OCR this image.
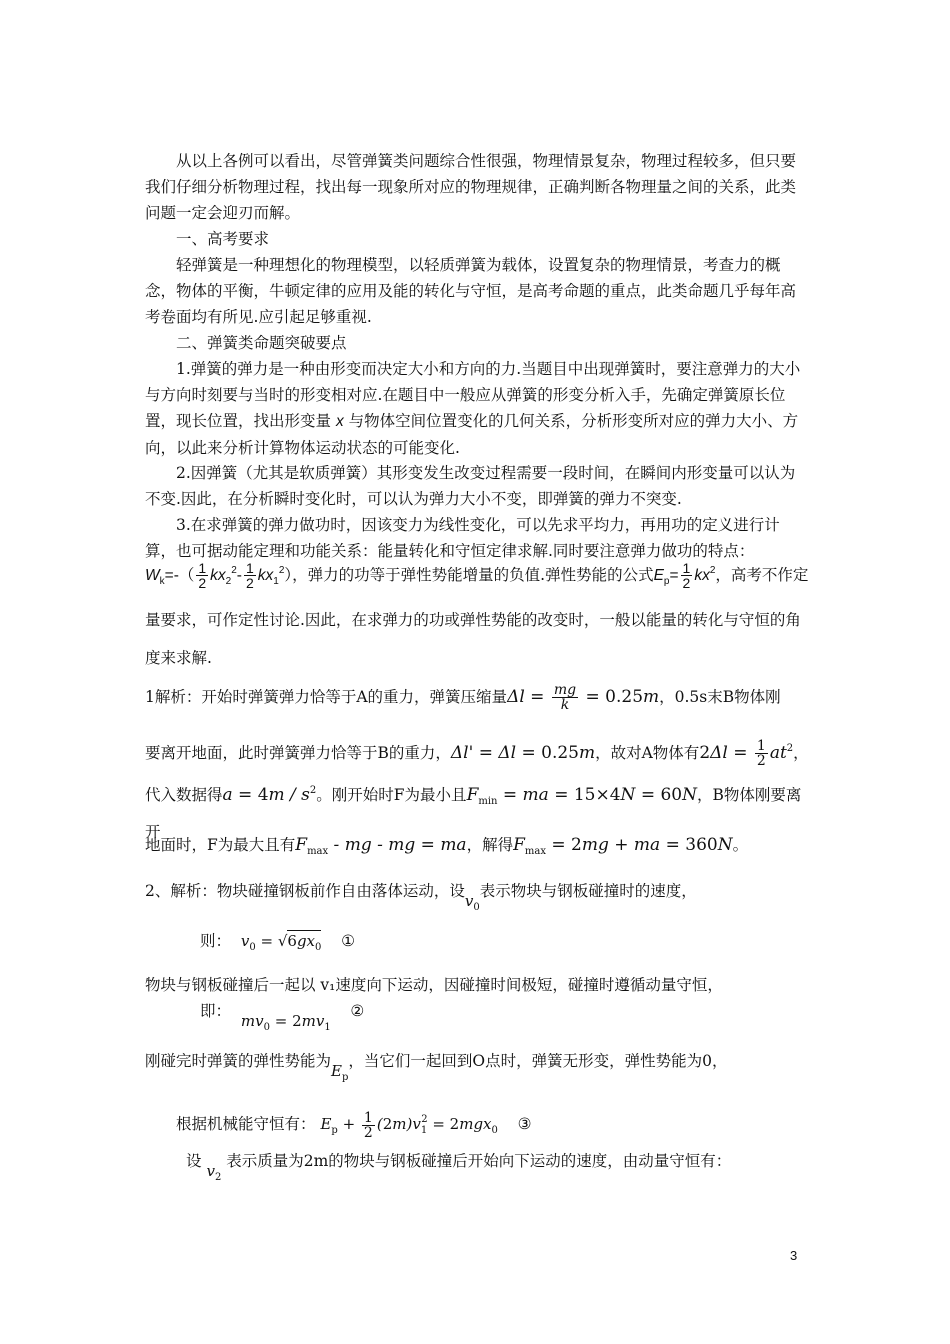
从以上各例可以看出，尽管弹簧类问题综合性很强，物理情景复杂，物理过程较多，但只要我们仔细分析物理过程，找出每一现象所对应的物理规律，正确判断各物理量之间的关系，此类问题一定会迎刃而解。
一、高考要求
轻弹簧是一种理想化的物理模型，以轻质弹簧为载体，设置复杂的物理情景，考查力的概念，物体的平衡，牛顿定律的应用及能的转化与守恒，是高考命题的重点，此类命题几乎每年高考卷面均有所见.应引起足够重视.
二、弹簧类命题突破要点
1.弹簧的弹力是一种由形变而决定大小和方向的力.当题目中出现弹簧时，要注意弹力的大小与方向时刻要与当时的形变相对应.在题目中一般应从弹簧的形变分析入手，先确定弹簧原长位置，现长位置，找出形变量 x 与物体空间位置变化的几何关系，分析形变所对应的弹力大小、方向，以此来分析计算物体运动状态的可能变化.
2.因弹簧（尤其是软质弹簧）其形变发生改变过程需要一段时间，在瞬间内形变量可以认为不变.因此，在分析瞬时变化时，可以认为弹力大小不变，即弹簧的弹力不突变.
3.在求弹簧的弹力做功时，因该变力为线性变化，可以先求平均力，再用功的定义进行计算，也可据动能定理和功能关系：能量转化和守恒定律求解.同时要注意弹力做功的特点：
$W_k=-( \frac{1}{2} kx_2^2- \frac{1}{2} kx_1^2)$，弹力的功等于弹性势能增量的负值.弹性势能的公式$E_p= \frac{1}{2} kx^2$，高考不作定量要求，可作定性讨论.因此，在求弹力的功或弹性势能的改变时，一般以能量的转化与守恒的角度来求解.
1解析：开始时弹簧弹力恰等于A的重力，弹簧压缩量$\Delta l = \frac{mg}{k} = 0.25m$，0.5s末B物体刚
要离开地面，此时弹簧弹力恰等于B的重力，Δl' = Δl = 0.25m，故对A物体有$2\Delta l = \frac{1}{2} at^2$，
代入数据得$a = 4m / s^2$。刚开始时F为最小且$F_{min}$ = ma = 15×4N = 60N，B物体刚要离开
地面时，F为最大且有$F_{max}$ - mg - mg = ma，解得$F_{max} = 2mg$ + ma = 360N。
2、解析：物块碰撞钢板前作自由落体运动，设$v_0$表示物块与钢板碰撞时的速度，
则： $v_0 = √6gx_0$ ①
物块与钢板碰撞后一起以 v₁速度向下运动，因碰撞时间极短，碰撞时遵循动量守恒，
即：  $mv_0 = 2mv_1$    ②
刚碰完时弹簧的弹性势能为$E_p$，当它们一起回到O点时，弹簧无形变，弹性势能为0，
根据机械能守恒有： $E_p + \frac{1}{2} (2m)v_1^2 = 2mgx_0$ ③
设 $v_2$ 表示质量为2m的物块与钢板碰撞后开始向下运动的速度，由动量守恒有：
3
